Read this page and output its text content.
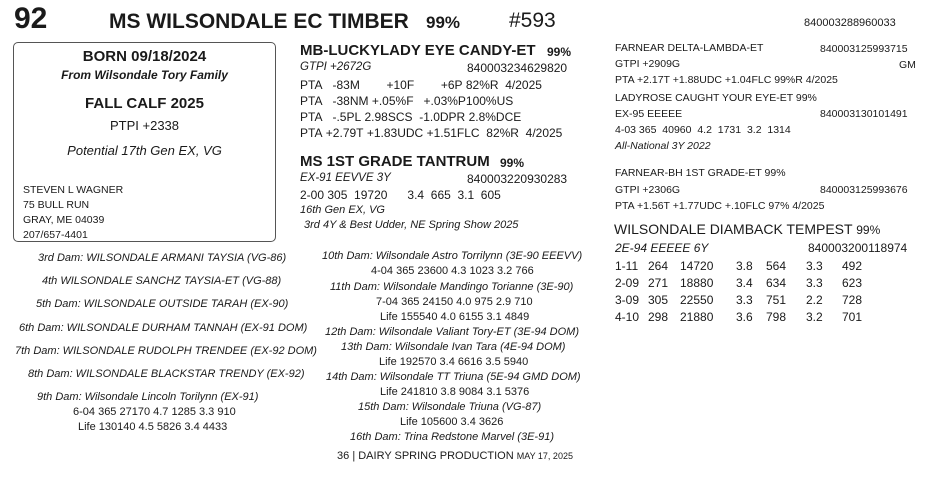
92	MS WILSONDALE EC TIMBER 99% #593	840003288960033
BORN 09/18/2024
From Wilsondale Tory Family
FALL CALF 2025
PTPI +2338
Potential 17th Gen EX, VG
STEVEN L WAGNER
75 BULL RUN
GRAY, ME 04039
207/657-4401
3rd Dam: WILSONDALE ARMANI TAYSIA (VG-86)
4th WILSONDALE SANCHZ TAYSIA-ET (VG-88)
5th Dam: WILSONDALE OUTSIDE TARAH (EX-90)
6th Dam: WILSONDALE DURHAM TANNAH (EX-91 DOM)
7th Dam: WILSONDALE RUDOLPH TRENDEE (EX-92 DOM)
8th Dam: WILSONDALE BLACKSTAR TRENDY (EX-92)
9th Dam: Wilsondale Lincoln Torilynn (EX-91)
6-04 365 27170 4.7 1285 3.3 910
Life 130140 4.5 5826 3.4 4433
MB-LUCKYLADY EYE CANDY-ET 99%
GTPI +2672G	840003234629820
PTA -83M +10F +6P 82%R 4/2025
PTA -38NM +.05%F +.03%P100%US
PTA -.5PL 2.98SCS -1.0DPR 2.8%DCE
PTA +2.79T +1.83UDC +1.51FLC 82%R 4/2025
MS 1ST GRADE TANTRUM 99%
EX-91 EEVVE 3Y	840003220930283
2-00 305  19720      3.4  665  3.1  605
16th Gen EX, VG
3rd 4Y & Best Udder, NE Spring Show 2025
10th Dam: Wilsondale Astro Torrilynn (3E-90 EEEVV)
4-04 365 23600 4.3 1023 3.2 766
11th Dam: Wilsondale Mandingo Torianne (3E-90)
7-04 365 24150 4.0 975 2.9 710
Life 155540 4.0 6155 3.1 4849
12th Dam: Wilsondale Valiant Tory-ET (3E-94 DOM)
13th Dam: Wilsondale Ivan Tara (4E-94 DOM)
Life 192570 3.4 6616 3.5 5940
14th Dam: Wilsondale TT Triuna (5E-94 GMD DOM)
Life 241810 3.8 9084 3.1 5376
15th Dam: Wilsondale Triuna (VG-87)
Life 105600 3.4 3626
16th Dam: Trina Redstone Marvel (3E-91)
36 | DAIRY SPRING PRODUCTION MAY 17, 2025
FARNEAR DELTA-LAMBDA-ET	840003125993715
GTPI +2909G	GM
PTA +2.17T +1.88UDC +1.04FLC 99%R 4/2025
LADYROSE CAUGHT YOUR EYE-ET 99%
EX-95 EEEEE	840003130101491
4-03 365  40960  4.2  1731  3.2  1314
All-National 3Y 2022
FARNEAR-BH 1ST GRADE-ET 99%
GTPI +2306G	840003125993676
PTA +1.56T +1.77UDC +.10FLC 97% 4/2025
WILSONDALE DIAMBACK TEMPEST 99%
2E-94 EEEEE 6Y	840003200118974
1-11 264 14720 3.8 564 3.3 492
2-09 271 18880 3.4 634 3.3 623
3-09 305 22550 3.3 751 2.2 728
4-10 298 21880 3.6 798 3.2 701
